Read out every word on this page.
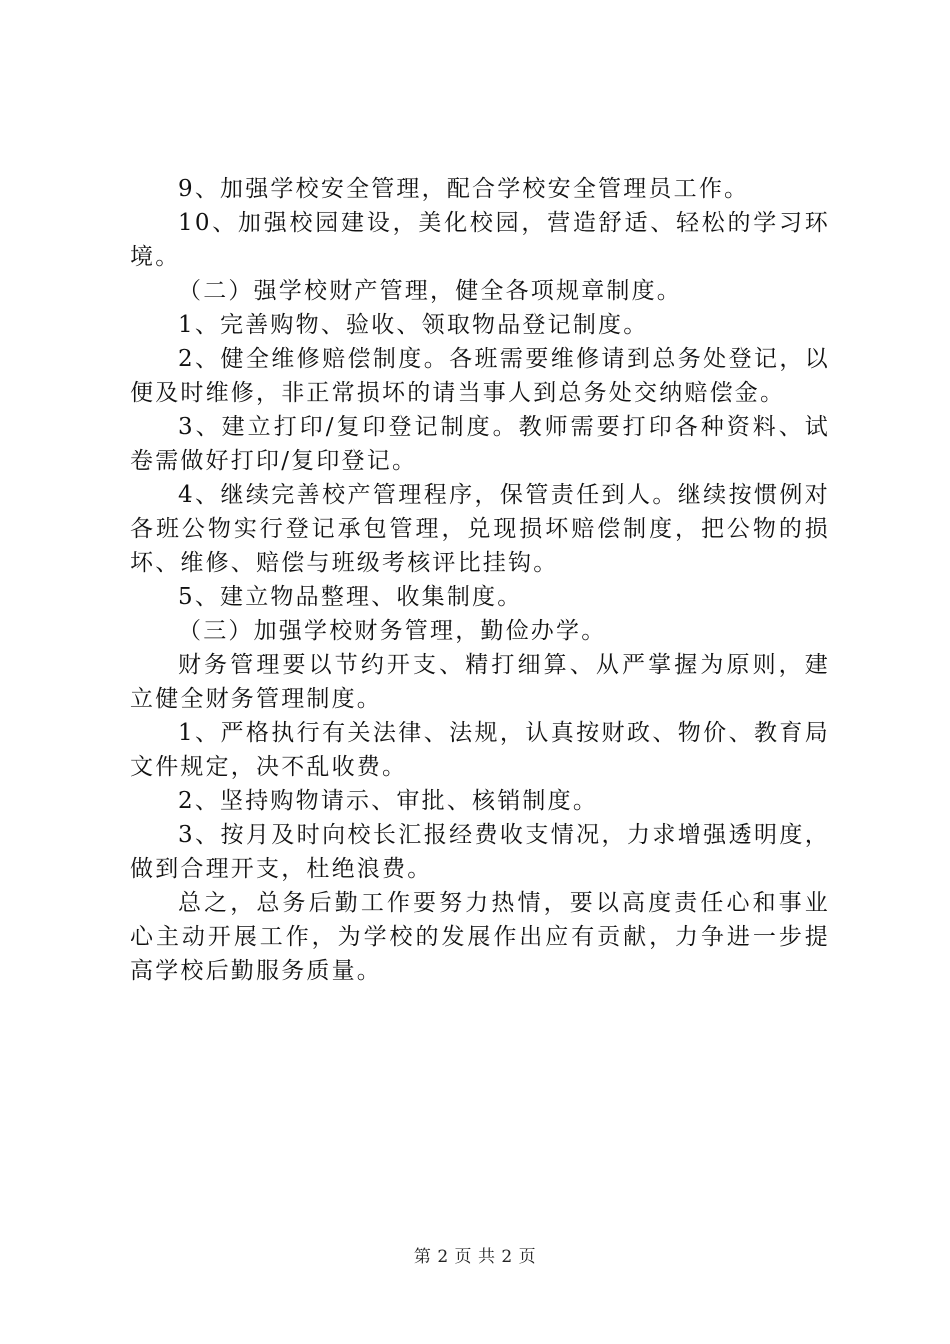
9、加强学校安全管理，配合学校安全管理员工作。

10、加强校园建设，美化校园，营造舒适、轻松的学习环境。

（二）强学校财产管理，健全各项规章制度。

1、完善购物、验收、领取物品登记制度。

2、健全维修赔偿制度。各班需要维修请到总务处登记，以便及时维修，非正常损坏的请当事人到总务处交纳赔偿金。

3、建立打印/复印登记制度。教师需要打印各种资料、试卷需做好打印/复印登记。

4、继续完善校产管理程序，保管责任到人。继续按惯例对各班公物实行登记承包管理，兑现损坏赔偿制度，把公物的损坏、维修、赔偿与班级考核评比挂钩。

5、建立物品整理、收集制度。

（三）加强学校财务管理，勤俭办学。

财务管理要以节约开支、精打细算、从严掌握为原则，建立健全财务管理制度。

1、严格执行有关法律、法规，认真按财政、物价、教育局文件规定，决不乱收费。

2、坚持购物请示、审批、核销制度。

3、按月及时向校长汇报经费收支情况，力求增强透明度，做到合理开支，杜绝浪费。

总之，总务后勤工作要努力热情，要以高度责任心和事业心主动开展工作，为学校的发展作出应有贡献，力争进一步提高学校后勤服务质量。

第 2 页 共 2 页
